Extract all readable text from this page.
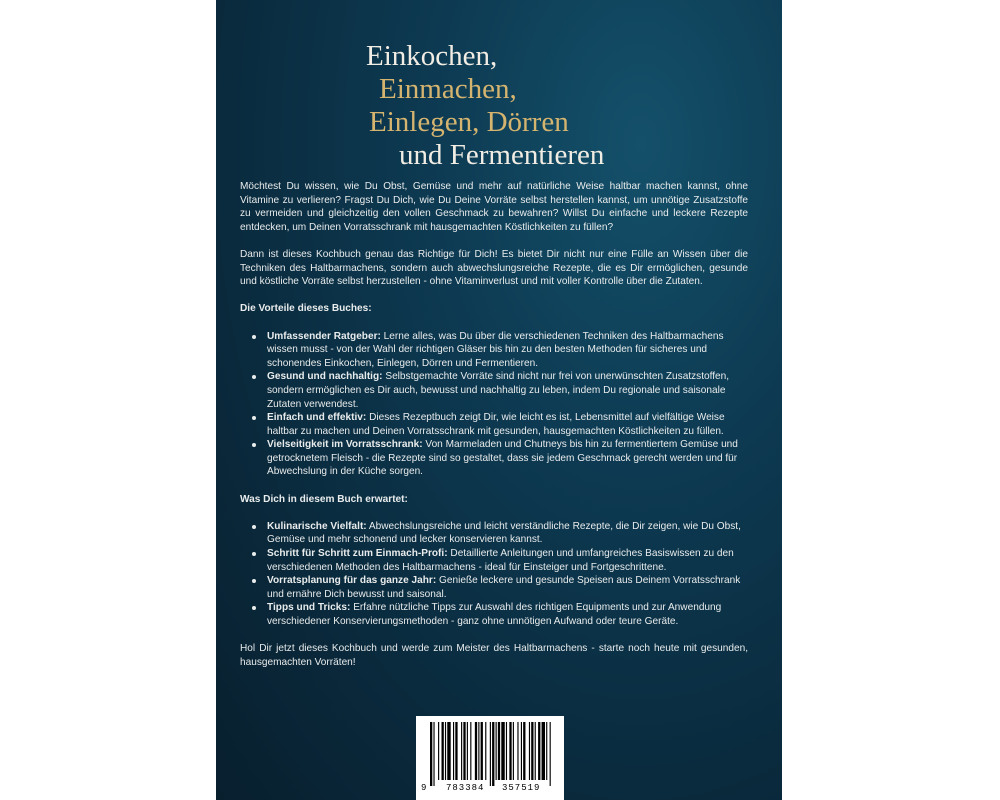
Einkochen,
Einmachen,
Einlegen, Dörren
und Fermentieren

Möchtest Du wissen, wie Du Obst, Gemüse und mehr auf natürliche Weise haltbar machen kannst, ohne Vitamine zu verlieren? Fragst Du Dich, wie Du Deine Vorräte selbst herstellen kannst, um unnötige Zusatzstoffe zu vermeiden und gleichzeitig den vollen Geschmack zu bewahren? Willst Du einfache und leckere Rezepte entdecken, um Deinen Vorratsschrank mit hausgemachten Köstlichkeiten zu füllen?

Dann ist dieses Kochbuch genau das Richtige für Dich! Es bietet Dir nicht nur eine Fülle an Wissen über die Techniken des Haltbarmachens, sondern auch abwechslungsreiche Rezepte, die es Dir ermöglichen, gesunde und köstliche Vorräte selbst herzustellen - ohne Vitaminverlust und mit voller Kontrolle über die Zutaten.

Die Vorteile dieses Buches:
Umfassender Ratgeber: Lerne alles, was Du über die verschiedenen Techniken des Haltbarmachens wissen musst - von der Wahl der richtigen Gläser bis hin zu den besten Methoden für sicheres und schonendes Einkochen, Einlegen, Dörren und Fermentieren.
Gesund und nachhaltig: Selbstgemachte Vorräte sind nicht nur frei von unerwünschten Zusatzstoffen, sondern ermöglichen es Dir auch, bewusst und nachhaltig zu leben, indem Du regionale und saisonale Zutaten verwendest.
Einfach und effektiv: Dieses Rezeptbuch zeigt Dir, wie leicht es ist, Lebensmittel auf vielfältige Weise haltbar zu machen und Deinen Vorratsschrank mit gesunden, hausgemachten Köstlichkeiten zu füllen.
Vielseitigkeit im Vorratsschrank: Von Marmeladen und Chutneys bis hin zu fermentiertem Gemüse und getrocknetem Fleisch - die Rezepte sind so gestaltet, dass sie jedem Geschmack gerecht werden und für Abwechslung in der Küche sorgen.
Was Dich in diesem Buch erwartet:
Kulinarische Vielfalt: Abwechslungsreiche und leicht verständliche Rezepte, die Dir zeigen, wie Du Obst, Gemüse und mehr schonend und lecker konservieren kannst.
Schritt für Schritt zum Einmach-Profi: Detaillierte Anleitungen und umfangreiches Basiswissen zu den verschiedenen Methoden des Haltbarmachens - ideal für Einsteiger und Fortgeschrittene.
Vorratsplanung für das ganze Jahr: Genieße leckere und gesunde Speisen aus Deinem Vorratsschrank und ernähre Dich bewusst und saisonal.
Tipps und Tricks: Erfahre nützliche Tipps zur Auswahl des richtigen Equipments und zur Anwendung verschiedener Konservierungsmethoden - ganz ohne unnötigen Aufwand oder teure Geräte.

Hol Dir jetzt dieses Kochbuch und werde zum Meister des Haltbarmachens - starte noch heute mit gesunden, hausgemachten Vorräten!

9 783384 357519
